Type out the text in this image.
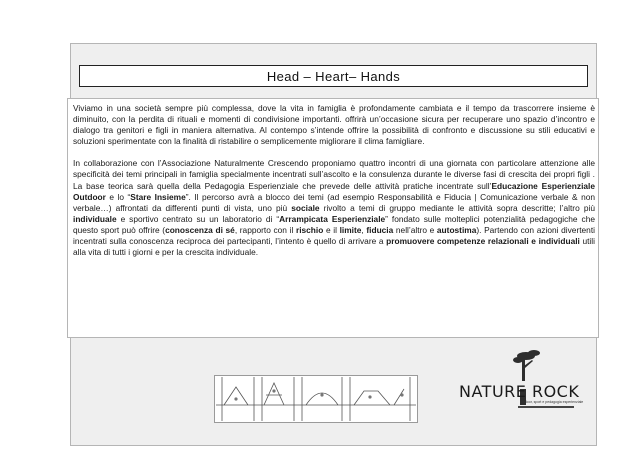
Head – Heart– Hands

Viviamo in una società sempre più complessa, dove la vita in famiglia è profondamente cambiata e il tempo da trascorrere insieme è diminuito, con la perdita di rituali e momenti di condivisione importanti. offrirà un’occasione sicura per recuperare uno spazio d’incontro e dialogo tra genitori e figli in maniera alternativa. Al contempo s’intende offrire la possibilità di confronto e discussione su stili educativi e soluzioni sperimentate con la finalità di ristabilire o semplicemente migliorare il clima famigliare.

In collaborazione con l’Associazione Naturalmente Crescendo proponiamo quattro incontri di una giornata con particolare attenzione alle specificità dei temi principali in famiglia specialmente incentrati sull’ascolto e la consulenza durante le diverse fasi di crescita dei propri figli . La base teorica sarà quella della Pedagogia Esperienziale che prevede delle attività pratiche incentrate sull’Educazione Esperienziale Outdoor e lo “Stare Insieme”. Il percorso avrà a blocco dei temi (ad esempio Responsabilità e Fiducia | Comunicazione verbale & non verbale…) affrontati da differenti punti di vista, uno più sociale rivolto a temi di gruppo mediante le attività sopra descritte; l’altro più individuale e sportivo centrato su un laboratorio di “Arrampicata Esperienziale” fondato sulle molteplici potenzialità pedagogiche che questo sport può offrire (conoscenza di sé, rapporto con il rischio e il limite, fiducia nell’altro e autostima). Partendo con azioni divertenti incentrati sulla conoscenza reciproca dei partecipanti, l’intento è quello di arrivare a promuovere competenze relazionali e individuali utili alla vita di tutti i giorni e per la crescita individuale.

NATURE ROCK
outdoor, sport e pedagogia esperienziale
